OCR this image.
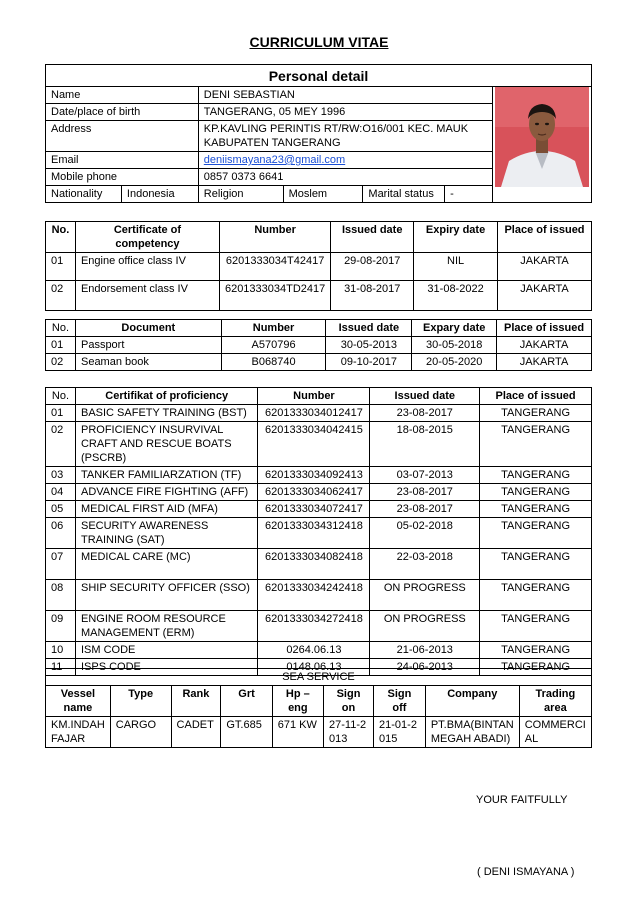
CURRICULUM VITAE
Personal detail						
Name		DENI SEBASTIAN	

Date/place of birth		TANGERANG, 05 MEY 1996				
Address		KP.KAVLING PERINTIS RT/RW:O16/001 KEC. MAUK
KABUPATEN TANGERANG				

Email		deniismayana23@gmail.com				
Mobile phone		0857 0373 6641				
Nationality	Indonesia	Religion	Moslem	Marital status	-	
No.	Certificate of competency	Number	Issued date	Expiry date	Place of issued
01	Engine office class IV	6201333034T42417	29-08-2017	NIL	JAKARTA
02	Endorsement class IV	6201333034TD2417	31-08-2017	31-08-2022	JAKARTA
No.	Document	Number	Issued date	Expary date	Place of issued
01	Passport	A570796	30-05-2013	30-05-2018	JAKARTA
02	Seaman book	B068740	09-10-2017	20-05-2020	JAKARTA
No.	Certifikat of proficiency	Number	Issued date	Place of issued
01	BASIC SAFETY TRAINING (BST)	6201333034012417	23-08-2017	TANGERANG
02	PROFICIENCY INSURVIVAL CRAFT AND RESCUE BOATS (PSCRB)	6201333034042415	18-08-2015	TANGERANG
03	TANKER FAMILIARZATION (TF)	6201333034092413	03-07-2013	TANGERANG
04	ADVANCE FIRE FIGHTING (AFF)	6201333034062417	23-08-2017	TANGERANG
05	MEDICAL FIRST AID (MFA)	6201333034072417	23-08-2017	TANGERANG
06	SECURITY AWARENESS TRAINING (SAT)	6201333034312418	05-02-2018	TANGERANG
07	MEDICAL CARE (MC)	6201333034082418	22-03-2018	TANGERANG
08	SHIP SECURITY OFFICER (SSO)	6201333034242418	ON PROGRESS	TANGERANG
09	ENGINE ROOM RESOURCE MANAGEMENT (ERM)	6201333034272418	ON PROGRESS	TANGERANG
10	ISM CODE	0264.06.13	21-06-2013	TANGERANG
11	ISPS CODE	0148.06.13	24-06-2013	TANGERANG
SEA SERVICE								
Vessel name	Type	Rank	Grt	Hp – eng	Sign on	Sign off	Company	Trading area
KM.INDAH FAJAR	CARGO	CADET	GT.685	671 KW	27-11-2013	21-01-2015	PT.BMA(BINTAN MEGAH ABADI)	COMMERCIAL
YOUR FAITFULLY
( DENI ISMAYANA )
